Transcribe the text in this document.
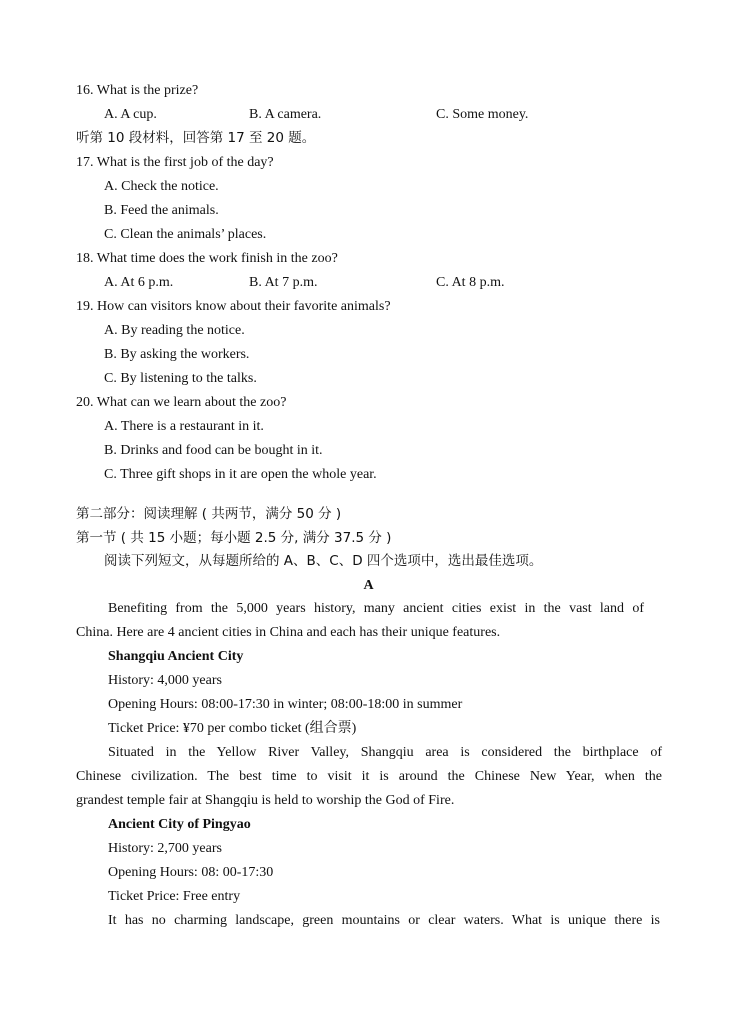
16. What is the prize?
A. A cup.	B. A camera.	C. Some money.
听第 10 段材料，回答第 17 至 20 题。
17. What is the first job of the day?
A. Check the notice.
B. Feed the animals.
C. Clean the animals’ places.
18. What time does the work finish in the zoo?
A. At 6 p.m.	B. At 7 p.m.	C. At 8 p.m.
19. How can visitors know about their favorite animals?
A. By reading the notice.
B. By asking the workers.
C. By listening to the talks.
20. What can we learn about the zoo?
A. There is a restaurant in it.
B. Drinks and food can be bought in it.
C. Three gift shops in it are open the whole year.
第二部分：阅读理解 ( 共两节，满分 50 分 )
第一节 ( 共 15 小题；每小题 2.5 分, 满分 37.5 分 )
阅读下列短文，从每题所给的 A、B、C、D 四个选项中，选出最佳选项。
A
Benefiting from the 5,000 years history, many ancient cities exist in the vast land of
China. Here are 4 ancient cities in China and each has their unique features.
Shangqiu Ancient City
History: 4,000 years
Opening Hours: 08:00-17:30 in winter; 08:00-18:00 in summer
Ticket Price: ¥70 per combo ticket (组合票)
Situated in the Yellow River Valley, Shangqiu area is considered the birthplace of
Chinese civilization. The best time to visit it is around the Chinese New Year, when the
grandest temple fair at Shangqiu is held to worship the God of Fire.
Ancient City of Pingyao
History: 2,700 years
Opening Hours: 08: 00-17:30
Ticket Price: Free entry
It has no charming landscape, green mountains or clear waters. What is unique there is
